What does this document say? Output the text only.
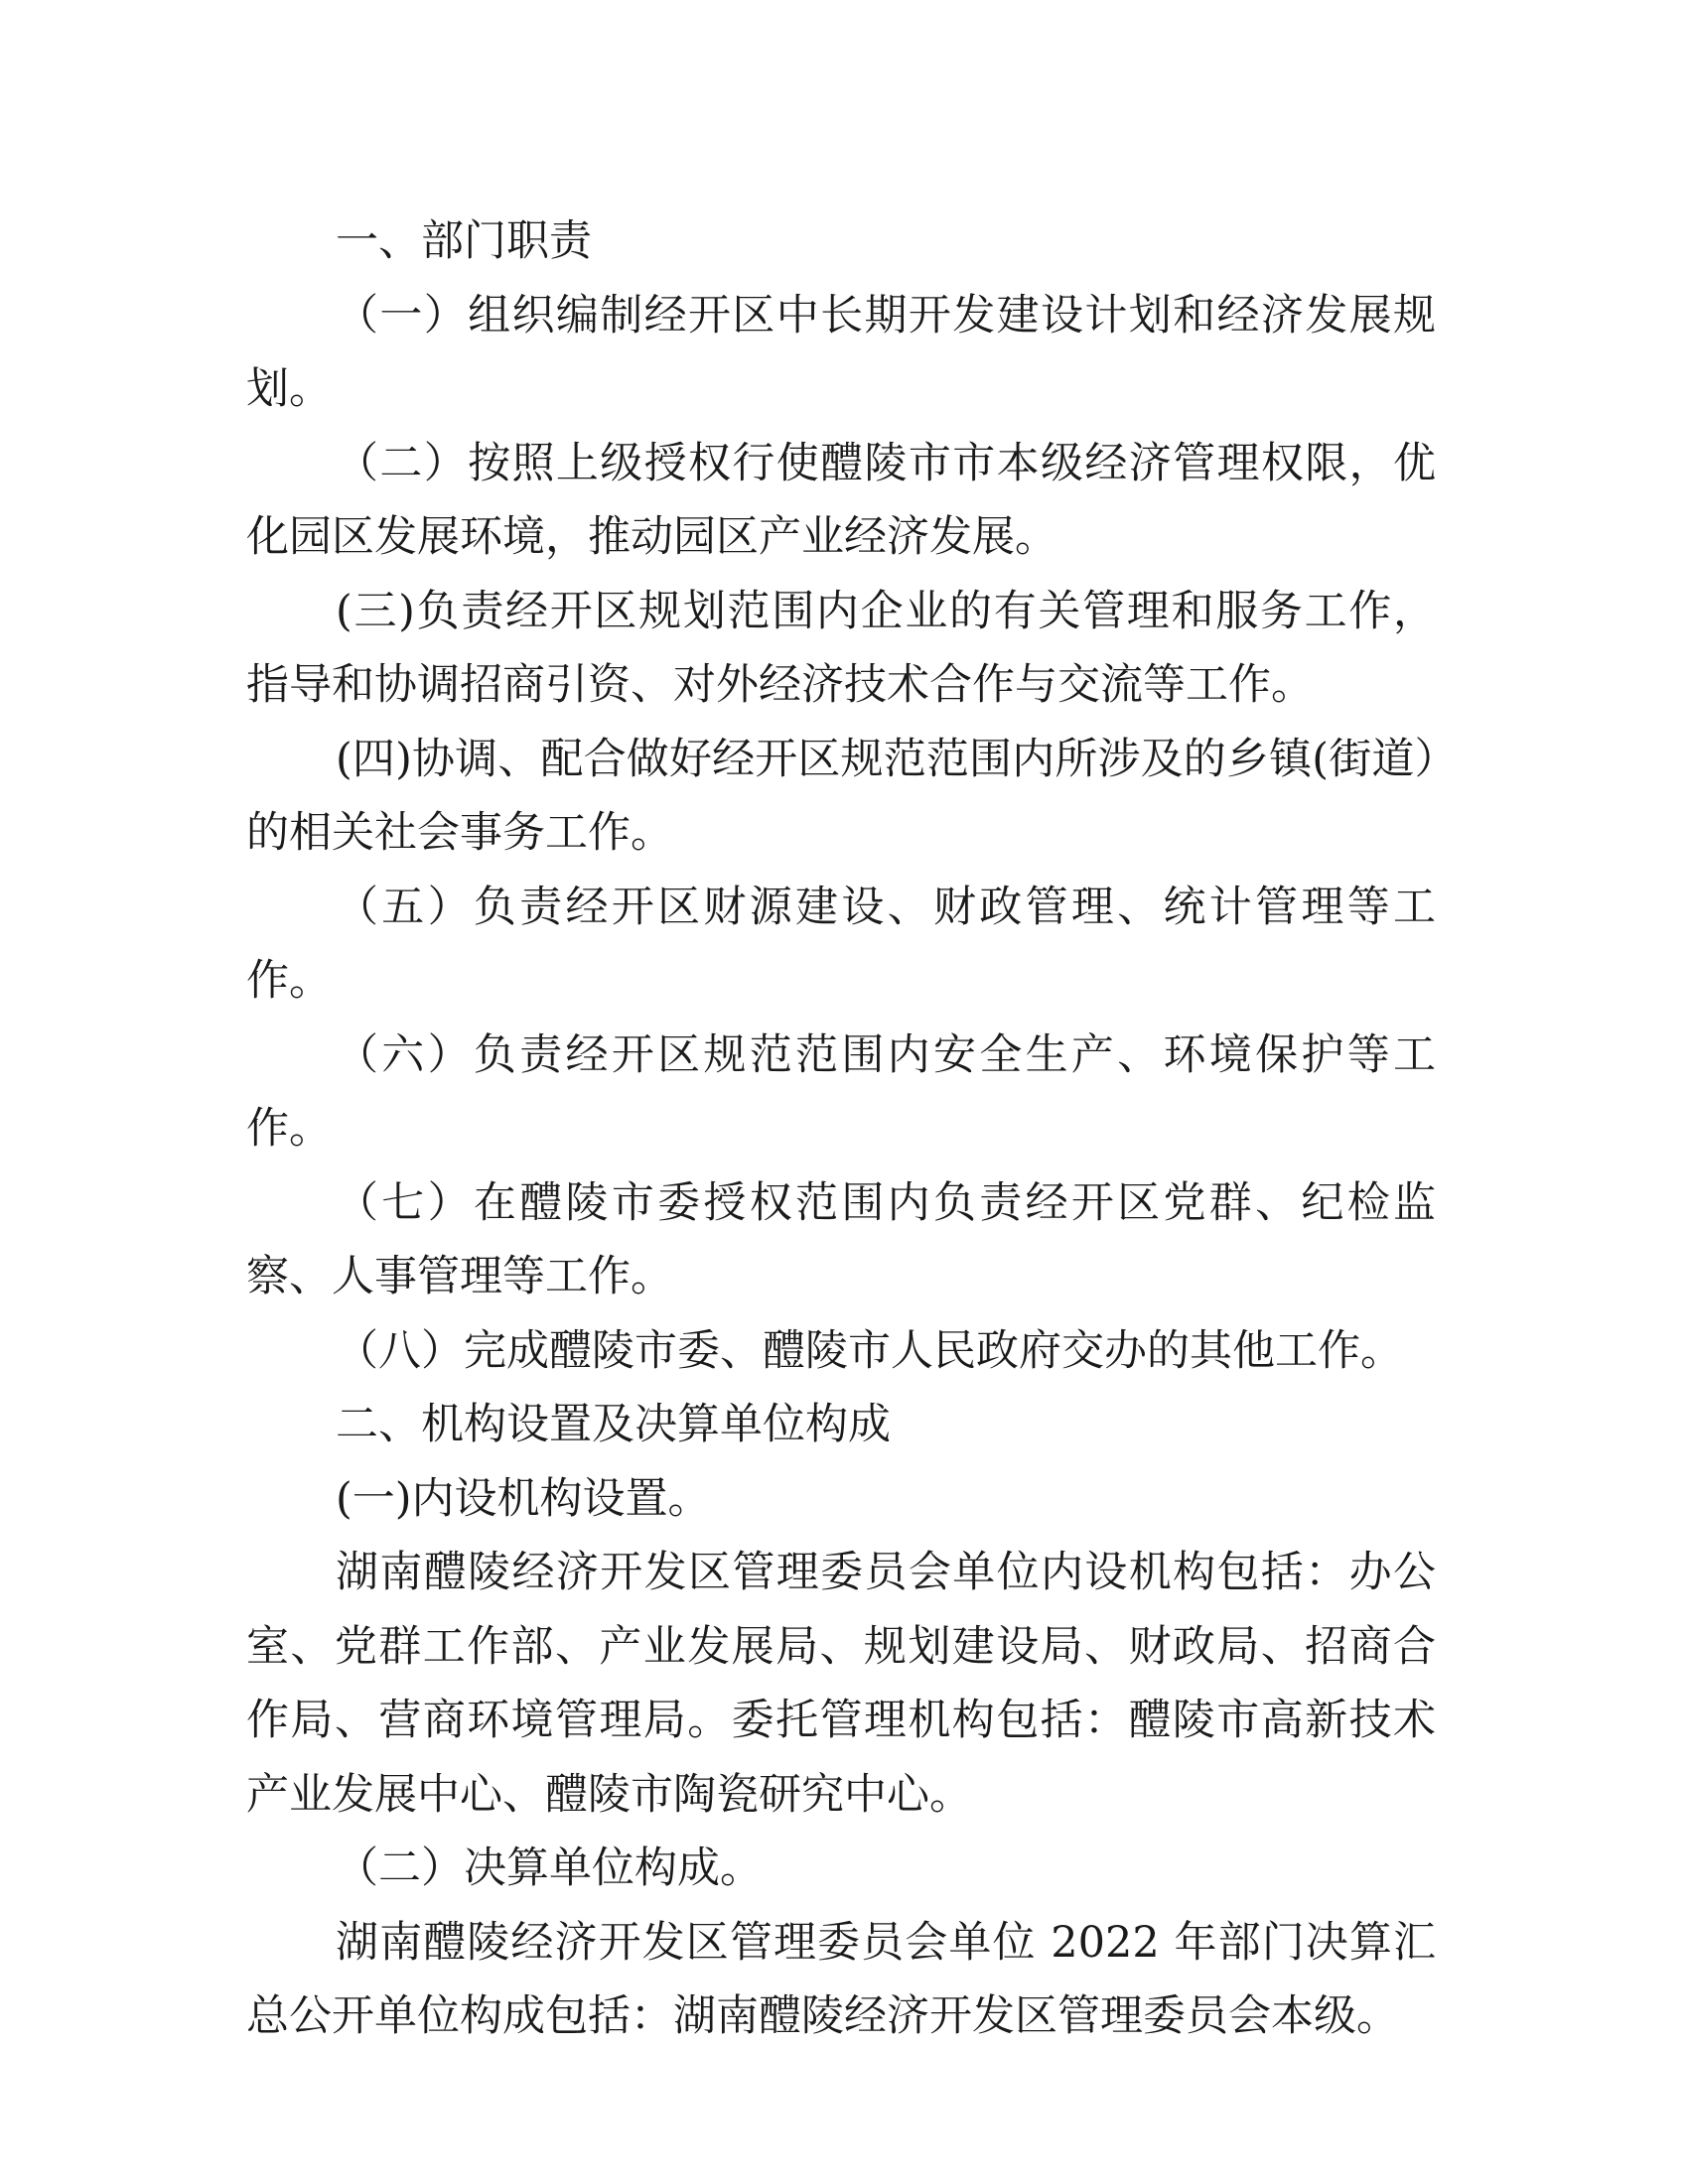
一、部门职责

（一）组织编制经开区中长期开发建设计划和经济发展规划。

（二）按照上级授权行使醴陵市市本级经济管理权限，优化园区发展环境，推动园区产业经济发展。

(三)负责经开区规划范围内企业的有关管理和服务工作，指导和协调招商引资、对外经济技术合作与交流等工作。

(四)协调、配合做好经开区规范范围内所涉及的乡镇(街道）的相关社会事务工作。

（五）负责经开区财源建设、财政管理、统计管理等工作。

（六）负责经开区规范范围内安全生产、环境保护等工作。

（七）在醴陵市委授权范围内负责经开区党群、纪检监察、人事管理等工作。

（八）完成醴陵市委、醴陵市人民政府交办的其他工作。

二、机构设置及决算单位构成

(一)内设机构设置。

湖南醴陵经济开发区管理委员会单位内设机构包括：办公室、党群工作部、产业发展局、规划建设局、财政局、招商合作局、营商环境管理局。委托管理机构包括：醴陵市高新技术产业发展中心、醴陵市陶瓷研究中心。

（二）决算单位构成。

湖南醴陵经济开发区管理委员会单位 2022 年部门决算汇总公开单位构成包括：湖南醴陵经济开发区管理委员会本级。
